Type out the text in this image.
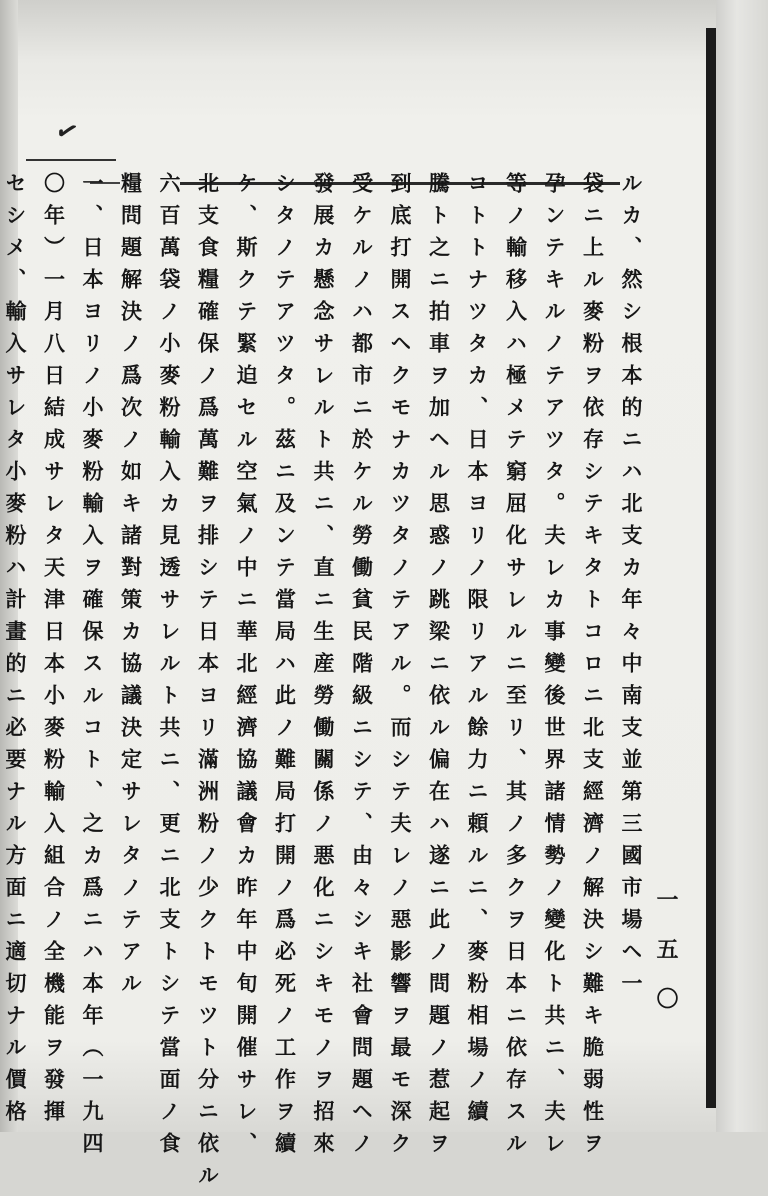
✓
ルカ、然シ根本的ニハ北支カ年々中南支並第三國市場ヘ一
袋ニ上ル麥粉ヲ依存シテキタトコロニ北支經濟ノ解決シ難キ脆弱性ヲ
孕ンテキルノテアツタ。夫レカ事變後世界諸情勢ノ變化ト共ニ、夫レ
等ノ輸移入ハ極メテ窮屈化サレルニ至リ、其ノ多クヲ日本ニ依存スル
コトトナツタカ、日本ヨリノ限リアル餘力ニ頼ルニ、麥粉相場ノ續
騰ト之ニ拍車ヲ加ヘル思惑ノ跳梁ニ依ル偏在ハ遂ニ此ノ問題ノ惹起ヲ
到底打開スヘクモナカツタノテアル。而シテ夫レノ惡影響ヲ最モ深ク
受ケルノハ都市ニ於ケル勞働貧民階級ニシテ、由々シキ社會問題ヘノ
發展カ懸念サレルト共ニ、直ニ生産勞働關係ノ悪化ニシキモノヲ招來
シタノテアツタ。茲ニ及ンテ當局ハ此ノ難局打開ノ爲必死ノ工作ヲ續
ケ、斯クテ緊迫セル空氣ノ中ニ華北經濟協議會カ昨年中旬開催サレ、
北支食糧確保ノ爲萬難ヲ排シテ日本ヨリ滿洲粉ノ少クトモツト分ニ依ル
六百萬袋ノ小麥粉輸入カ見透サレルト共ニ、更ニ北支トシテ當面ノ食
糧問題解決ノ爲次ノ如キ諸對策カ協議決定サレタノテアル
一、日本ヨリノ小麥粉輸入ヲ確保スルコト、之カ爲ニハ本年（一九四
〇年）一月八日結成サレタ天津日本小麥粉輸入組合ノ全機能ヲ發揮
セシメ、輸入サレタ小麥粉ハ計畫的ニ必要ナル方面ニ適切ナル價格	一 五 〇
